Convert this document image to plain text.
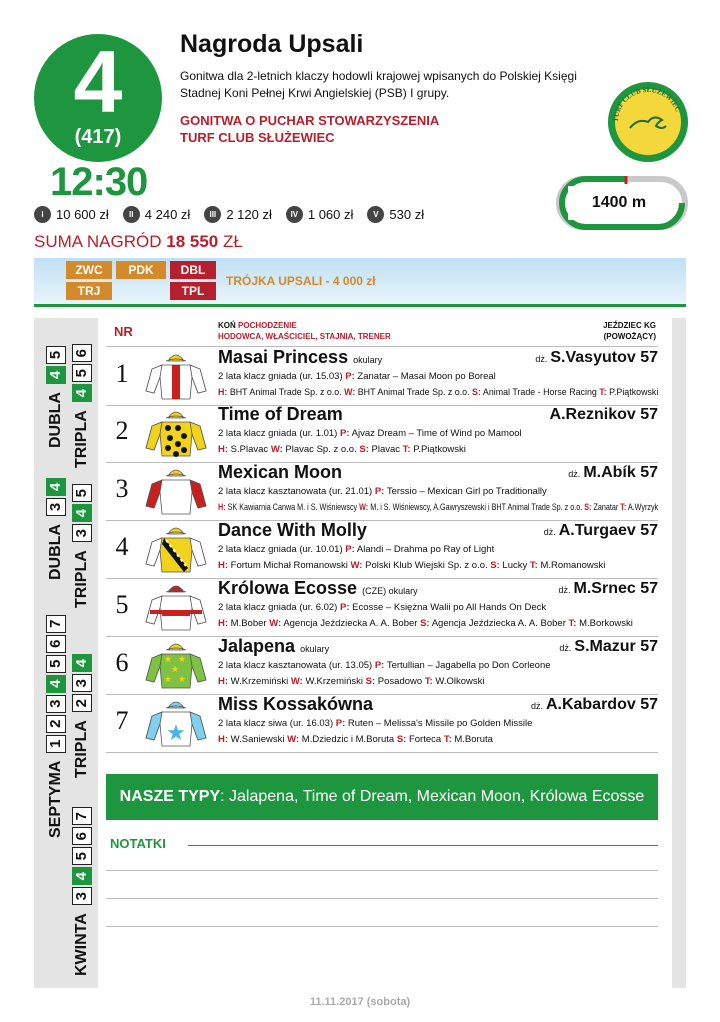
4
(417)
12:30
Nagroda Upsali
Gonitwa dla 2-letnich klaczy hodowli krajowej wpisanych do Polskiej Księgi Stadnej Koni Pełnej Krwi Angielskiej (PSB) I grupy.
GONITWA O PUCHAR STOWARZYSZENIA
TURF CLUB SŁUŻEWIEC
TURF CLUB SŁUŻEWIEC
1400 m
I 10 600 zł	II 4 240 zł	III 2 120 zł	IV 1 060 zł	V 530 zł
SUMA NAGRÓD 18 550 ZŁ
ZWC	PDK	DBL
TRJ	TPL
TRÓJKA UPSALI - 4 000 zł
DUBLA
4
5
TRIPLA
4
5
6
DUBLA
3
4
TRIPLA
3
4
5
SEPTYMA
1
2
3
4
5
6
7
TRIPLA
2
3
4
KWINTA
3
4
5
6
7
NR	KOŃ POCHODZENIE
HODOWCA, WŁAŚCICIEL, STAJNIA, TRENER
JEŹDZIEC KG
(POWOŻĄCY)
1
Masai Princess okulary	dż. S.Vasyutov 57
2 lata klacz gniada (ur. 15.03) P: Zanatar – Masai Moon po Boreal
H: BHT Animal Trade Sp. z o.o. W: BHT Animal Trade Sp. z o.o. S: Animal Trade - Horse Racing T: P.Piątkowski
2
Time of Dream	A.Reznikov 57
2 lata klacz gniada (ur. 1.01) P: Ajvaz Dream – Time of Wind po Mamool
H: S.Plavac W: Plavac Sp. z o.o. S: Plavac T: P.Piątkowski
3
Mexican Moon	dż. M.Abík 57
2 lata klacz kasztanowata (ur. 21.01) P: Terssio – Mexican Girl po Traditionally
H: SK Kawiarnia Canwa M. i S. Wiśniewscy W: M. i S. Wiśniewscy, A.Gawryszewski i BHT Animal Trade Sp. z o.o. S: Zanatar T: A.Wyrzyk
4
Dance With Molly	dż. A.Turgaev 57
2 lata klacz gniada (ur. 10.01) P: Alandi – Drahma po Ray of Light
H: Fortum Michał Romanowski W: Polski Klub Wiejski Sp. z o.o. S: Lucky T: M.Romanowski
5
Królowa Ecosse (CZE) okulary	dż. M.Srnec 57
2 lata klacz gniada (ur. 6.02) P: Ecosse – Księżna Walii po All Hands On Deck
H: M.Bober W: Agencja Jeździecka A. A. Bober S: Agencja Jeździecka A. A. Bober T: M.Borkowski
6	★ ★
★
★ ★
Jalapena okulary	dż. S.Mazur 57
2 lata klacz kasztanowata (ur. 13.05) P: Tertullian – Jagabella po Don Corleone
H: W.Krzemiński W: W.Krzemiński S: Posadowo T: W.Olkowski
7 ★
Miss Kossakówna	dż. A.Kabardov 57
2 lata klacz siwa (ur. 16.03) P: Ruten – Melissa's Missile po Golden Missile
H: W.Saniewski W: M.Dziedzic i M.Boruta S: Forteca T: M.Boruta
NASZE TYPY: Jalapena, Time of Dream, Mexican Moon, Królowa Ecosse
NOTATKI
11.11.2017 (sobota)
